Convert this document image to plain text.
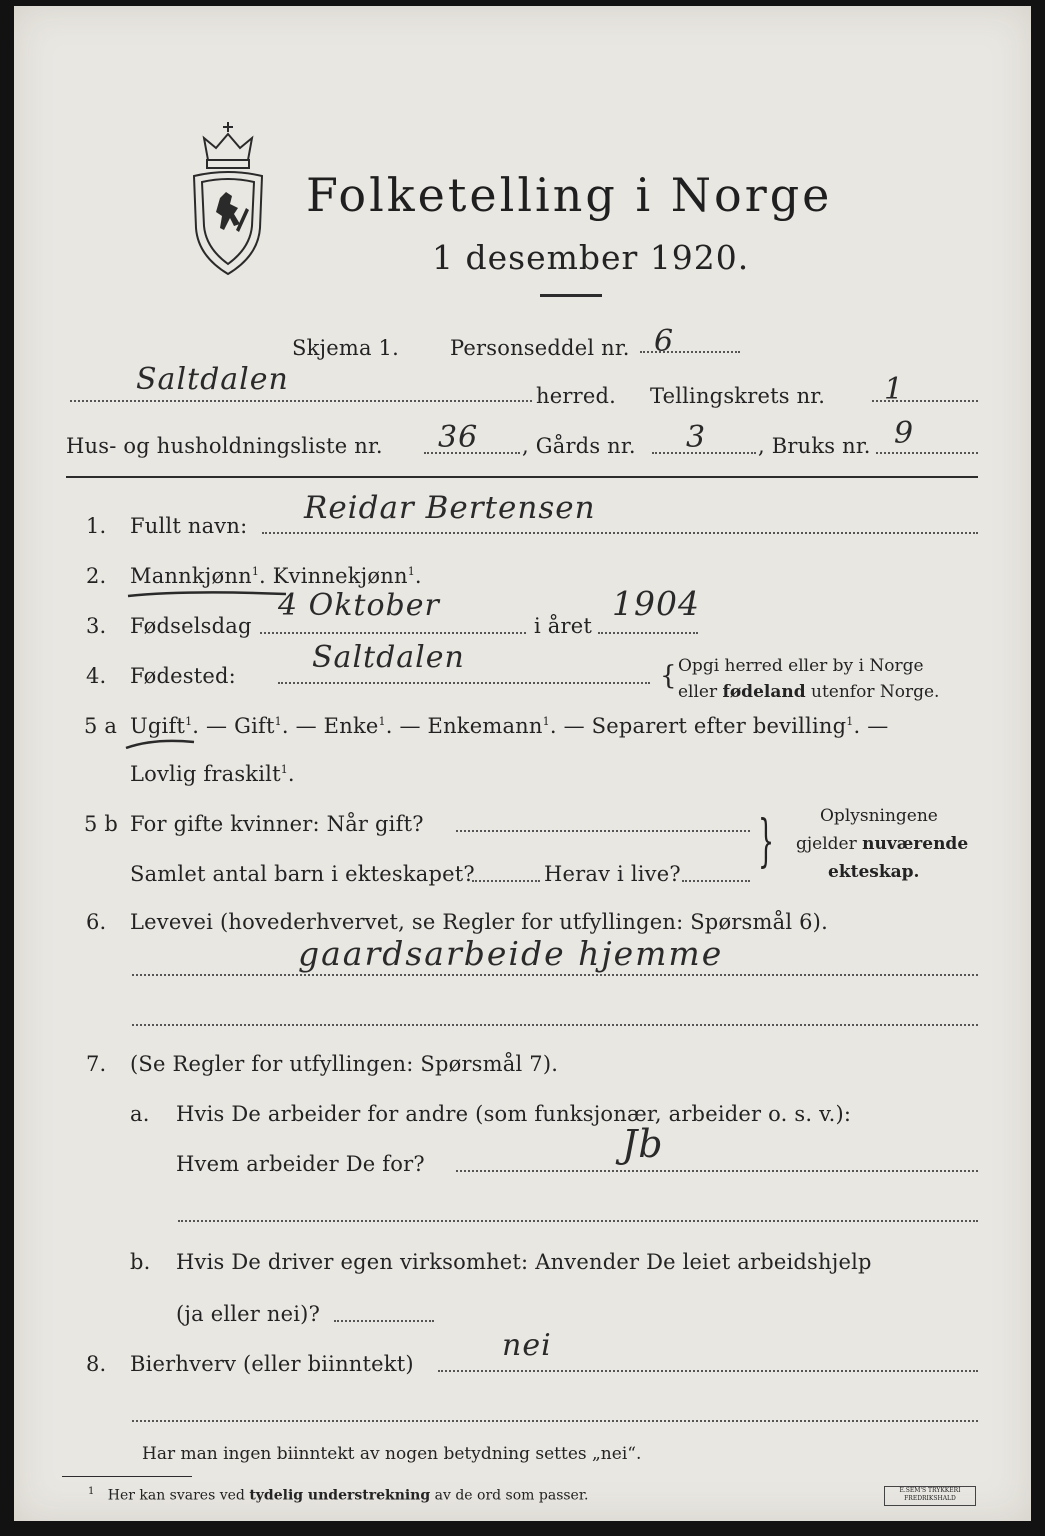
Folketelling i Norge
1 desember 1920.
Skjema 1. Personseddel nr. 6
Saltdalen	herred. Tellingskrets nr. 1
Hus- og husholdningsliste nr. 36 , Gårds nr. 3 , Bruks nr. 9
1. Fullt navn: Reidar Bertensen
2. Mannkjønn$^1$. Kvinnekjønn$^1$.
3. Fødselsdag
4 Oktober
i året
1904
4. Fødested:
Saltdalen
{ Opgi herred eller by i Norge
eller fødeland utenfor Norge.
5 a Ugift$^1$. — Gift$^1$. — Enke$^1$. — Enkemann$^1$. — Separert efter bevilling$^1$. —
Lovlig fraskilt$^1$.
5 b For gifte kvinner: Når gift?
Samlet antal barn i ekteskapet?	Herav i live? }	Oplysningene
gjelder nuværende
ekteskap.
6. Levevei (hovederhvervet, se Regler for utfyllingen: Spørsmål 6).
gaardsarbeide hjemme
7. (Se Regler for utfyllingen: Spørsmål 7).
a. Hvis De arbeider for andre (som funksjonær, arbeider o. s. v.):
Hvem arbeider De for?	Jb
b. Hvis De driver egen virksomhet: Anvender De leiet arbeidshjelp
(ja eller nei)?
8. Bierhverv (eller biinntekt)
nei
Har man ingen biinntekt av nogen betydning settes „nei“.
$^1$ Her kan svares ved tydelig understrekning av de ord som passer.	E.SEM'S TRYKKERI
FREDRIKSHALD
